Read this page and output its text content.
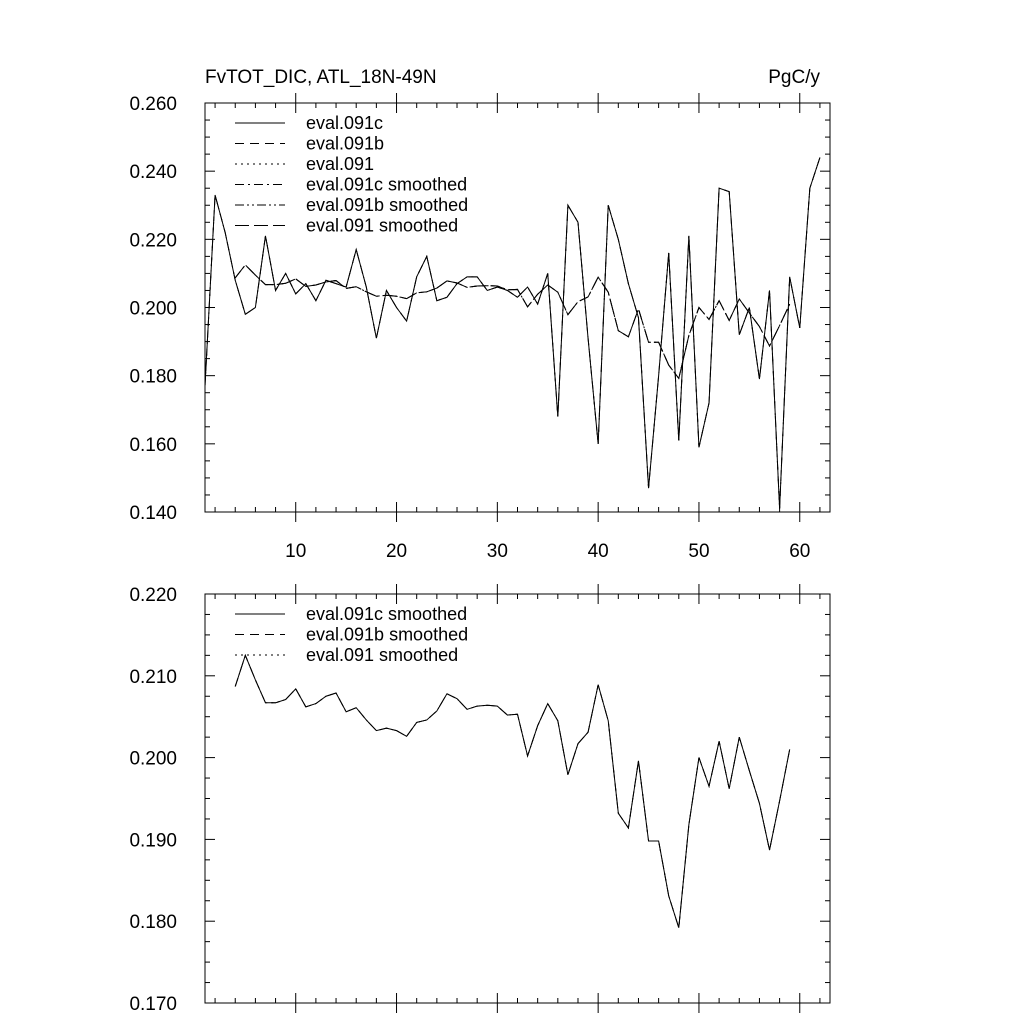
0.140
0.160
0.180
0.200
0.220
0.240
0.260
10	20	30	40	50	60
FvTOT_DIC, ATL_18N-49N	PgC/y
eval.091c
eval.091b
eval.091
eval.091c smoothed
eval.091b smoothed
eval.091 smoothed
0.170
0.180
0.190
0.200
0.210
0.220
eval.091c smoothed
eval.091b smoothed
eval.091 smoothed
